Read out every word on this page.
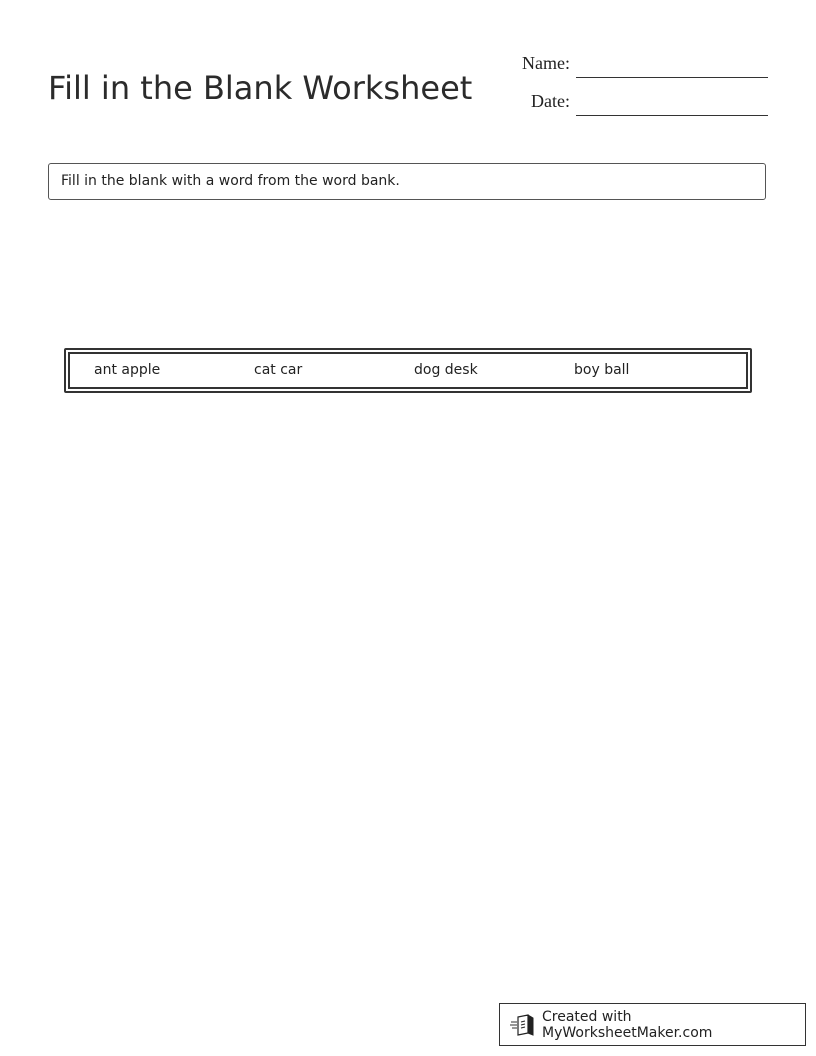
Fill in the Blank Worksheet
Name:
Date:
Fill in the blank with a word from the word bank.
ant apple	cat car	dog desk	boy ball
Created with MyWorksheetMaker.com
